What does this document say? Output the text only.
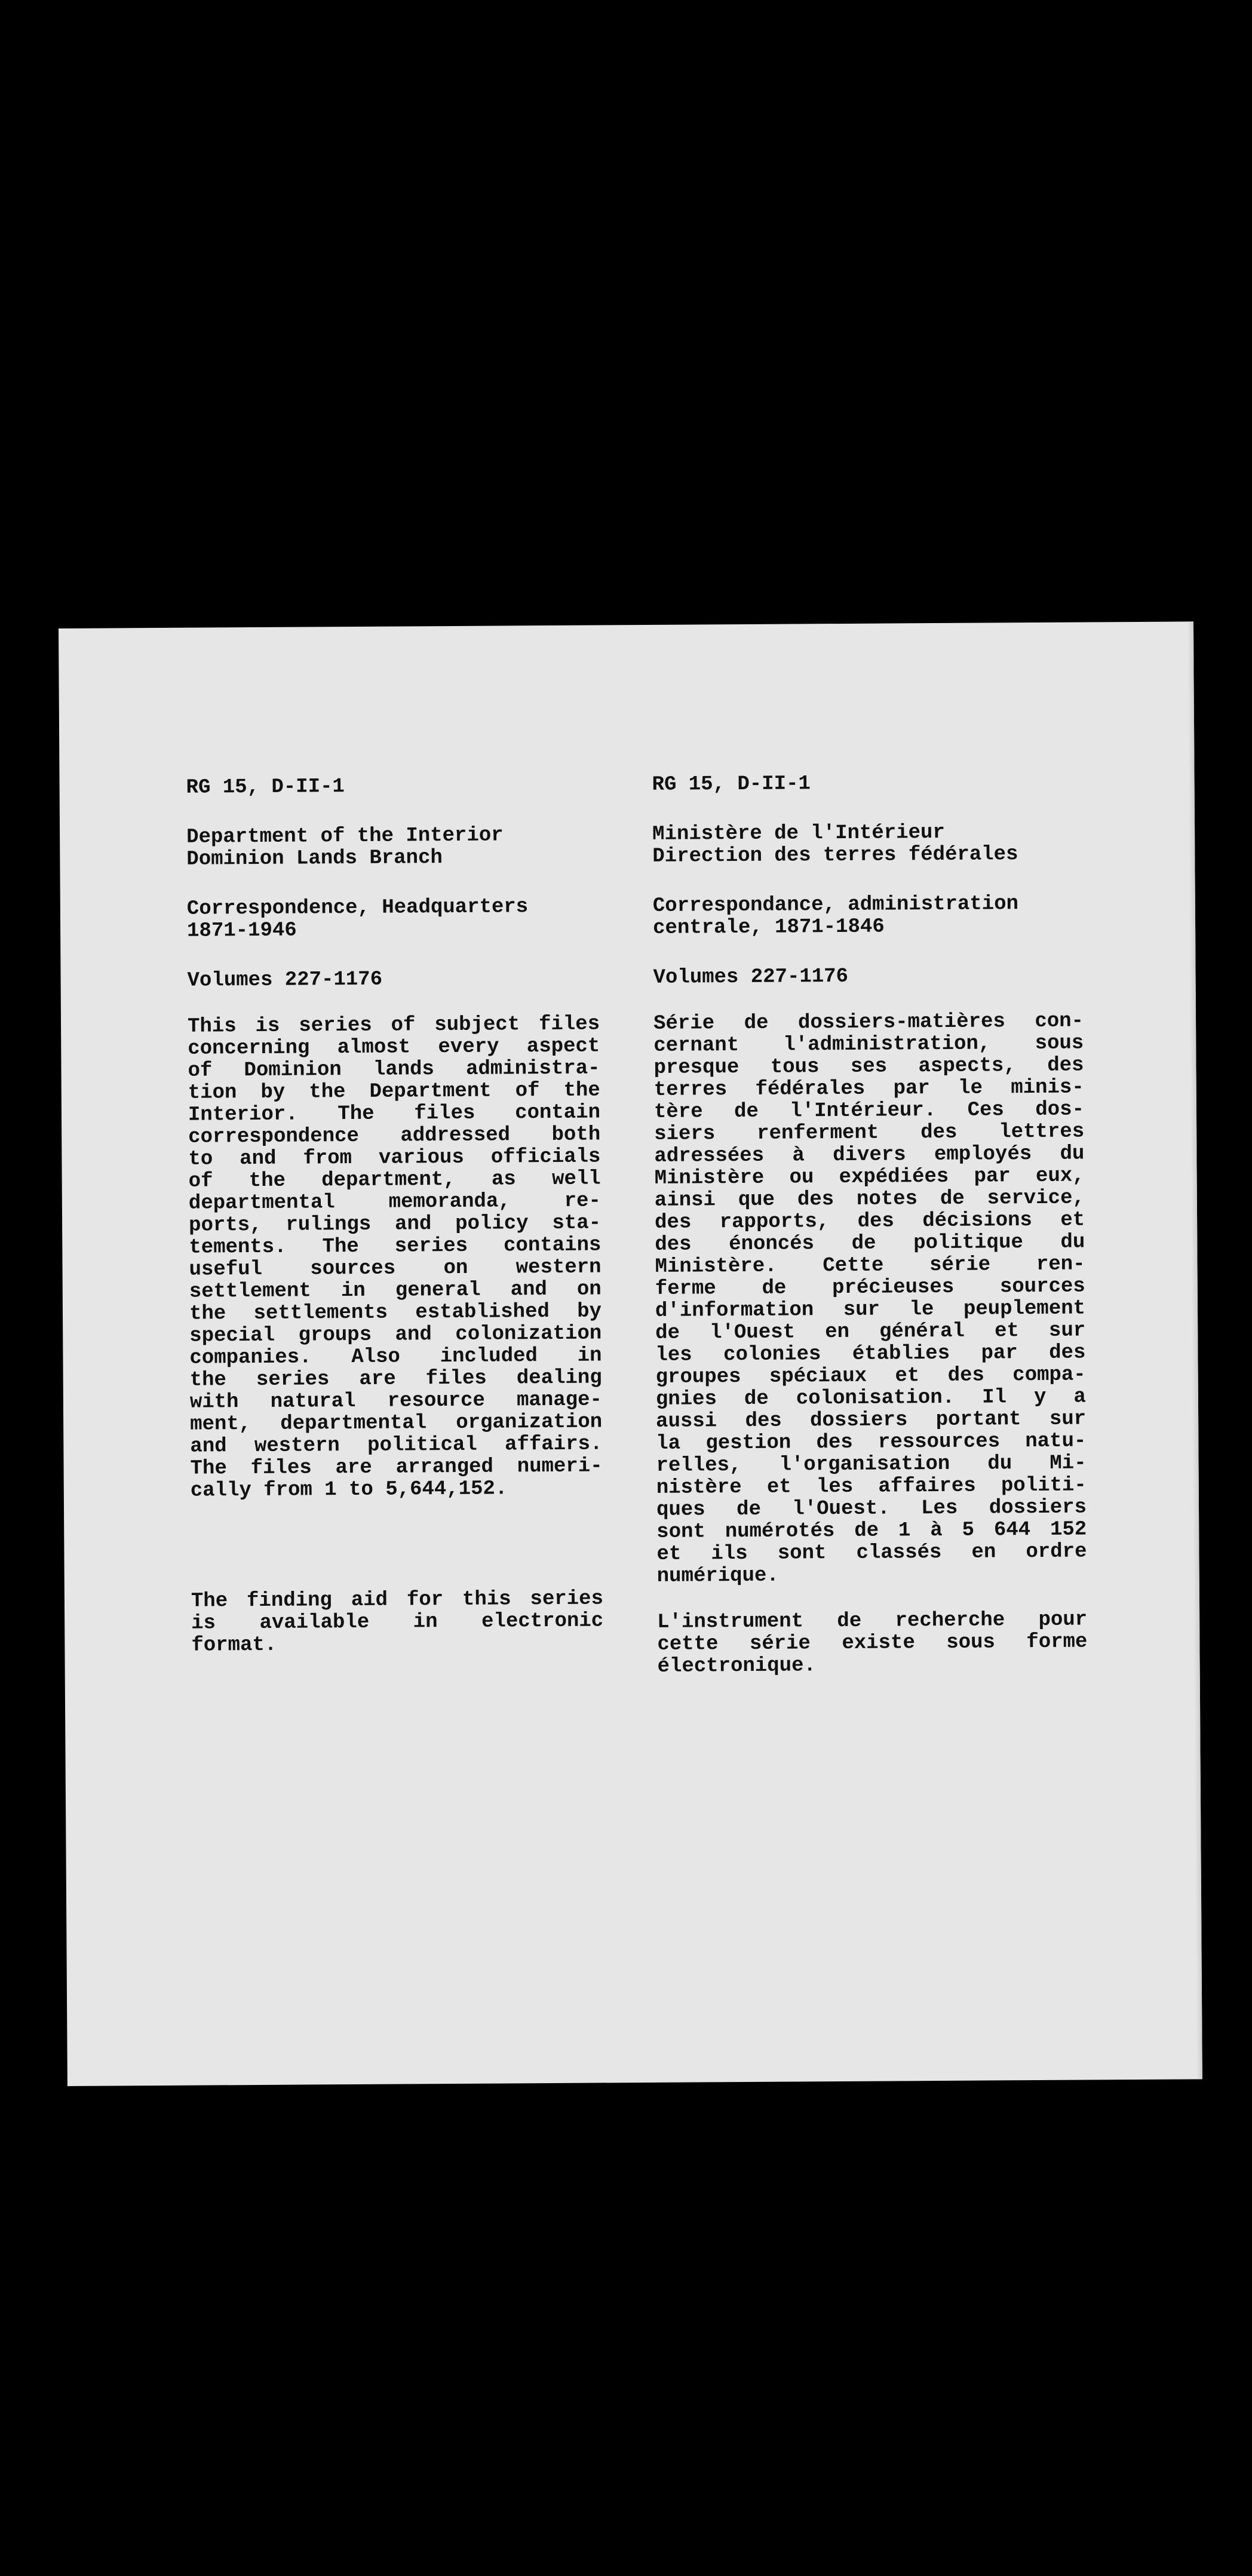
RG 15, D-II-1
Department of the Interior
Dominion Lands Branch
Correspondence, Headquarters
1871-1946
Volumes 227-1176
This is series of subject files
concerning almost every aspect
of Dominion lands administra-
tion by the Department of the
Interior. The files contain
correspondence addressed both
to and from various officials
of the department, as well
departmental memoranda, re-
ports, rulings and policy sta-
tements. The series contains
useful sources on western
settlement in general and on
the settlements established by
special groups and colonization
companies. Also included in
the series are files dealing
with natural resource manage-
ment, departmental organization
and western political affairs.
The files are arranged numeri-
cally from 1 to 5,644,152.
The finding aid for this series
is available in electronic
format.
RG 15, D-II-1
Ministère de l'Intérieur
Direction des terres fédérales
Correspondance, administration
centrale, 1871-1846
Volumes 227-1176
Série de dossiers-matières con-
cernant l'administration, sous
presque tous ses aspects, des
terres fédérales par le minis-
tère de l'Intérieur. Ces dos-
siers renferment des lettres
adressées à divers employés du
Ministère ou expédiées par eux,
ainsi que des notes de service,
des rapports, des décisions et
des énoncés de politique du
Ministère. Cette série ren-
ferme de précieuses sources
d'information sur le peuplement
de l'Ouest en général et sur
les colonies établies par des
groupes spéciaux et des compa-
gnies de colonisation. Il y a
aussi des dossiers portant sur
la gestion des ressources natu-
relles, l'organisation du Mi-
nistère et les affaires politi-
ques de l'Ouest. Les dossiers
sont numérotés de 1 à 5 644 152
et ils sont classés en ordre
numérique.
L'instrument de recherche pour
cette série existe sous forme
électronique.
